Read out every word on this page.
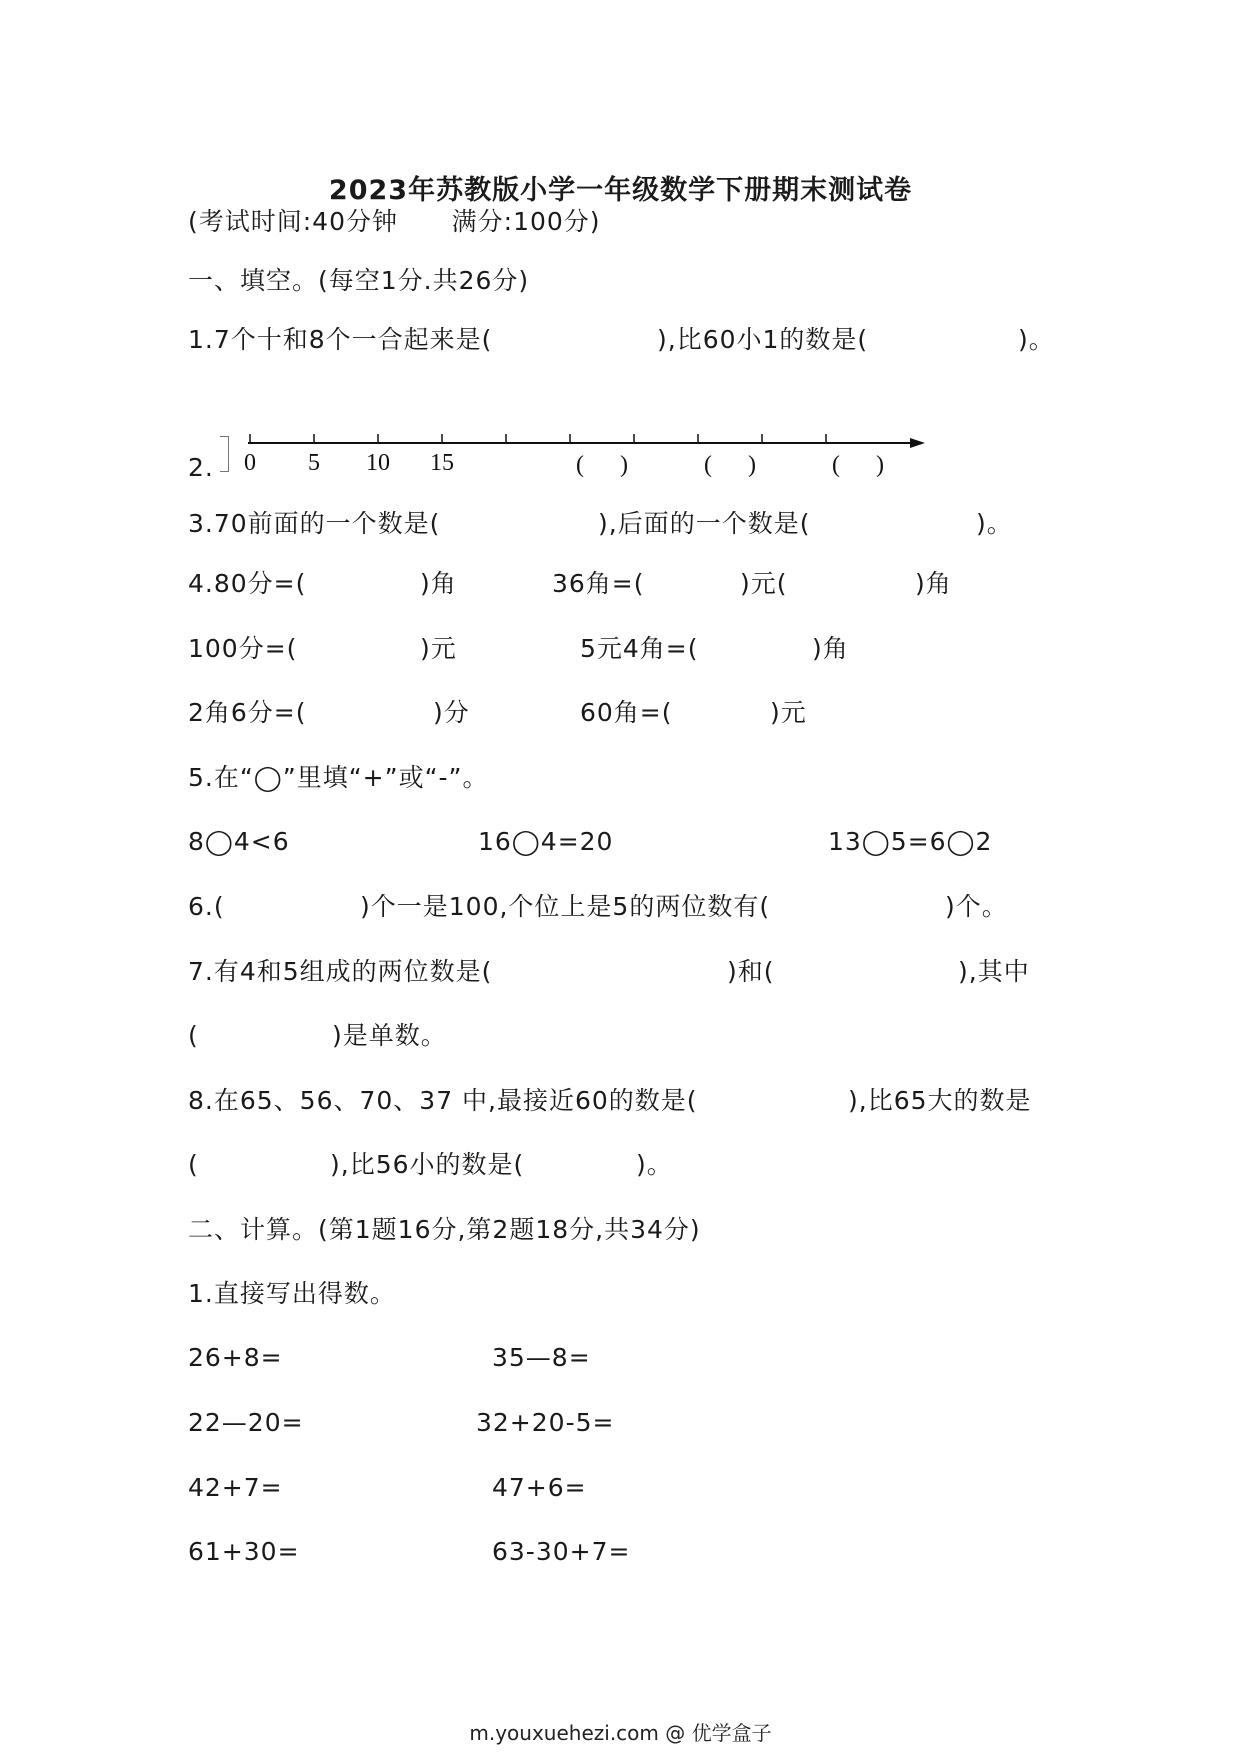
2023年苏教版小学一年级数学下册期末测试卷
(考试时间:40分钟      满分:100分)
一、填空。(每空1分.共26分)
1.7个十和8个一合起来是(	),比60小1的数是(	)。
2. 0 5 10 15	(      )	(      )	(      )
3.70前面的一个数是(	),后面的一个数是(	)。
4.80分=(	)角	36角=(	)元(	)角
100分=(	)元	5元4角=(	)角
2角6分=(	)分	60角=(	)元
5.在“◯”里填“+”或“-”。
8◯4<6	16◯4=20	13◯5=6◯2
6.(	)个一是100,个位上是5的两位数有(	)个。
7.有4和5组成的两位数是(	)和(	),其中
(	)是单数。
8.在65、56、70、37 中,最接近60的数是(	),比65大的数是
(	),比56小的数是(	)。
二、计算。(第1题16分,第2题18分,共34分)
1.直接写出得数。
26+8=	35—8=
22—20=	32+20-5=
42+7=	47+6=
61+30=	63-30+7=
m.youxuehezi.com @ 优学盒子
